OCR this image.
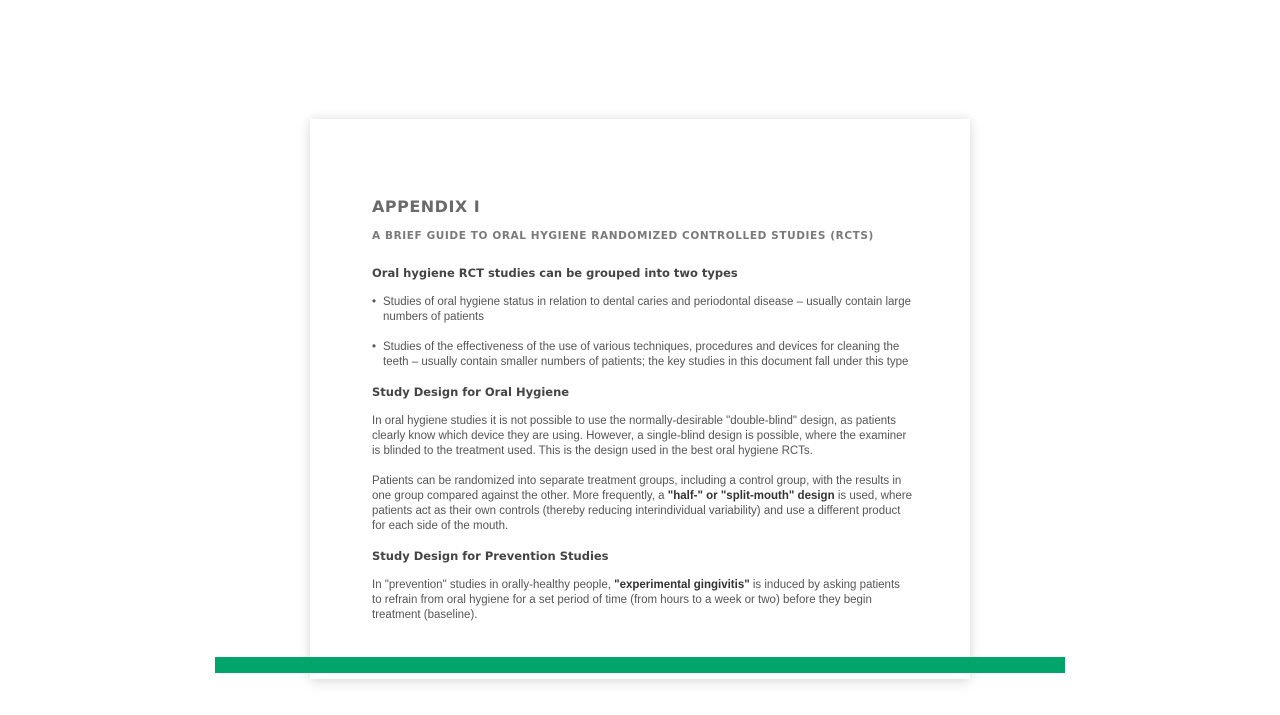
APPENDIX I
A BRIEF GUIDE TO ORAL HYGIENE RANDOMIZED CONTROLLED STUDIES (RCTS)
Oral hygiene RCT studies can be grouped into two types
• Studies of oral hygiene status in relation to dental caries and periodontal disease – usually contain large numbers of patients
• Studies of the effectiveness of the use of various techniques, procedures and devices for cleaning the teeth – usually contain smaller numbers of patients; the key studies in this document fall under this type
Study Design for Oral Hygiene

In oral hygiene studies it is not possible to use the normally-desirable "double-blind" design, as patients clearly know which device they are using. However, a single-blind design is possible, where the examiner is blinded to the treatment used. This is the design used in the best oral hygiene RCTs.

Patients can be randomized into separate treatment groups, including a control group, with the results in one group compared against the other. More frequently, a "half-" or "split-mouth" design is used, where patients act as their own controls (thereby reducing interindividual variability) and use a different product for each side of the mouth.

Study Design for Prevention Studies

In "prevention" studies in orally-healthy people, "experimental gingivitis" is induced by asking patients to refrain from oral hygiene for a set period of time (from hours to a week or two) before they begin treatment (baseline).
